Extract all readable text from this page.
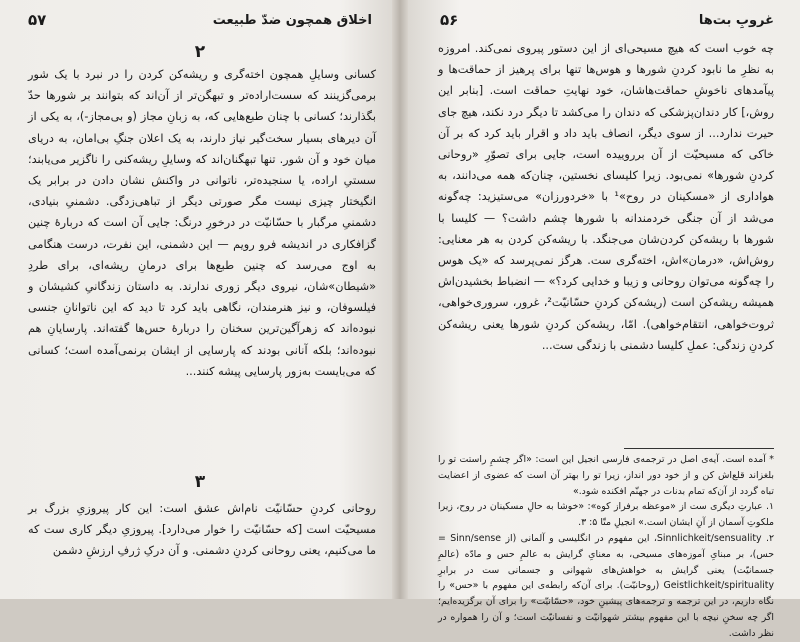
اخلاق همچون ضدّ طبیعت
۵۷
۲

کسانی وسایلِ همچون اخته‌گری و ریشه‌کن کردن را در نبرد با یک شور برمی‌گزینند که سست‌اراده‌تر و تبهگن‌تر از آن‌اند که بتوانند بر شورها حدّ بگذارند؛ کسانی با چنان طبع‌هایی که، به زبانِ مجاز (و بی‌مجاز-)، به یکی از آن دیرهای بسیار سخت‌گیر نیاز دارند، به یک اعلان جنگِ بی‌امان، به دریای میان خود و آن شور. تنها تبهگنان‌اند که وسایلِ ریشه‌کنی را ناگزیر می‌یابند؛ سستیِ اراده، یا سنجیده‌تر، ناتوانی در واکنش نشان دادن در برابر یک انگیختار چیزی نیست مگر صورتی دیگر از تباهی‌زدگی. دشمنیِ بنیادی، دشمنیِ مرگبار با حسّانیّت در درخورِ درنگ: جایی آن است که دربارهٔ چنین گزافکاری در اندیشه فرو رویم — این دشمنی، این نفرت، درست هنگامی به اوج می‌رسد که چنین طبع‌ها برای درمانِ ریشه‌ای، برای طردِ «شیطان»شان، نیروی دیگر زوری ندارند. به داستان زندگانیِ کشیشان و فیلسوفان، و نیز هنرمندان، نگاهی باید کرد تا دید که این ناتوانانِ جنسی نبوده‌اند که زهرآگین‌ترین سخنان را دربارهٔ حس‌ها گفته‌اند. پارسایانِ هم نبوده‌اند؛ بلکه آنانی بودند که پارسایی از ایشان برنمی‌آمده است؛ کسانی که می‌بایست به‌زور پارسایی پیشه کنند...

۳

روحانی کردنِ حسّانیّت نام‌اش عشق است: این کار پیروزیِ بزرگ بر مسیحیّت است [که حسّانیّت را خوار می‌دارد]. پیروزیِ دیگر کاری ست که ما می‌کنیم، یعنی روحانی کردنِ دشمنی. و آن درکِ ژرفِ ارزشِ دشمن

غروبِ بت‌ها
۵۶

چه خوب است که هیچ مسیحی‌ای از این دستور پیروی نمی‌کند. امروزه به نظرِ ما نابود کردنِ شورها و هوس‌ها تنها برای پرهیز از حماقت‌ها و پیآمدهای ناخوشِ حماقت‌هاشان، خود نهایتِ حماقت است. [بنابر این روش،] کار دندان‌پزشکی که دندان را می‌کشد تا دیگر درد نکند، هیچ جای حیرت ندارد... از سوی دیگر، انصاف باید داد و اقرار باید کرد که بر آن خاکی که مسیحیّت از آن برروییده است، جایی برای تصوّرِ «روحانی کردنِ شورها» نمی‌بود. زیرا کلیسای نخستین، چنان‌که همه می‌دانند، به هواداری از «مسکینان در روح»¹ با «خردورزان» می‌ستیزید: چه‌گونه می‌شد از آن جنگی خردمندانه با شورها چشم داشت؟ — کلیسا با شورها با ریشه‌کن کردن‌شان می‌جنگد. با ریشه‌کن کردن به هر معنایی: روش‌اش، «درمان»اش، اخته‌گری ست. هرگز نمی‌پرسد که «یک هوس را چه‌گونه می‌توان روحانی و زیبا و خدایی کرد؟» — انضباط بخشیدن‌اش همیشه ریشه‌کن است (ریشه‌کن کردنِ حسّانیّت²، غرور، سروری‌خواهی، ثروت‌خواهی، انتقام‌خواهی). امّا، ریشه‌کن کردنِ شورها یعنی ریشه‌کن کردنِ زندگی: عملِ کلیسا دشمنی با زندگی ست...

* آمده است. آیه‌ی اصل در ترجمه‌ی فارسی انجیل این است: «اگر چشمِ راستت تو را بلغزاند قلع‌اش کن و از خود دور انداز، زیرا تو را بهتر آن است که عضوی از اعضایت تباه گردد از آن‌که تمام بدنات در جهنّم افکنده شود.»

۱. عبارتِ دیگری ست از «موعظه برفراز کوه»: «خوشا به حالِ مسکینان در روح، زیرا ملکوتِ آسمان از آنِ ایشان است.» انجیلِ متّا ۵: ۳.

۲. Sinnlichkeit/sensuality، این مفهوم در انگلیسی و آلمانی (از Sinn/sense = حس)، بر مبنایِ آموزه‌های مسیحی، به معنایِ گرایش به عالمِ حس و مادّه (عالمِ جسمانیّت) یعنی گرایش به خواهش‌های شهوانی و جسمانی ست در برابرِ Geistlichkeit/spirituality (روحانیّت). برای آن‌که رابطه‌ی این مفهوم با «حس» را نگاه داریم، در این ترجمه و ترجمه‌های پیشینِ خود، «حسّانیّت» را برای آن برگزیده‌ایم؛ اگر چه سخنِ نیچه با این مفهوم بیشتر شهوانیّت و نفسانیّت است؛ و آن را همواره در نظر داشت.
